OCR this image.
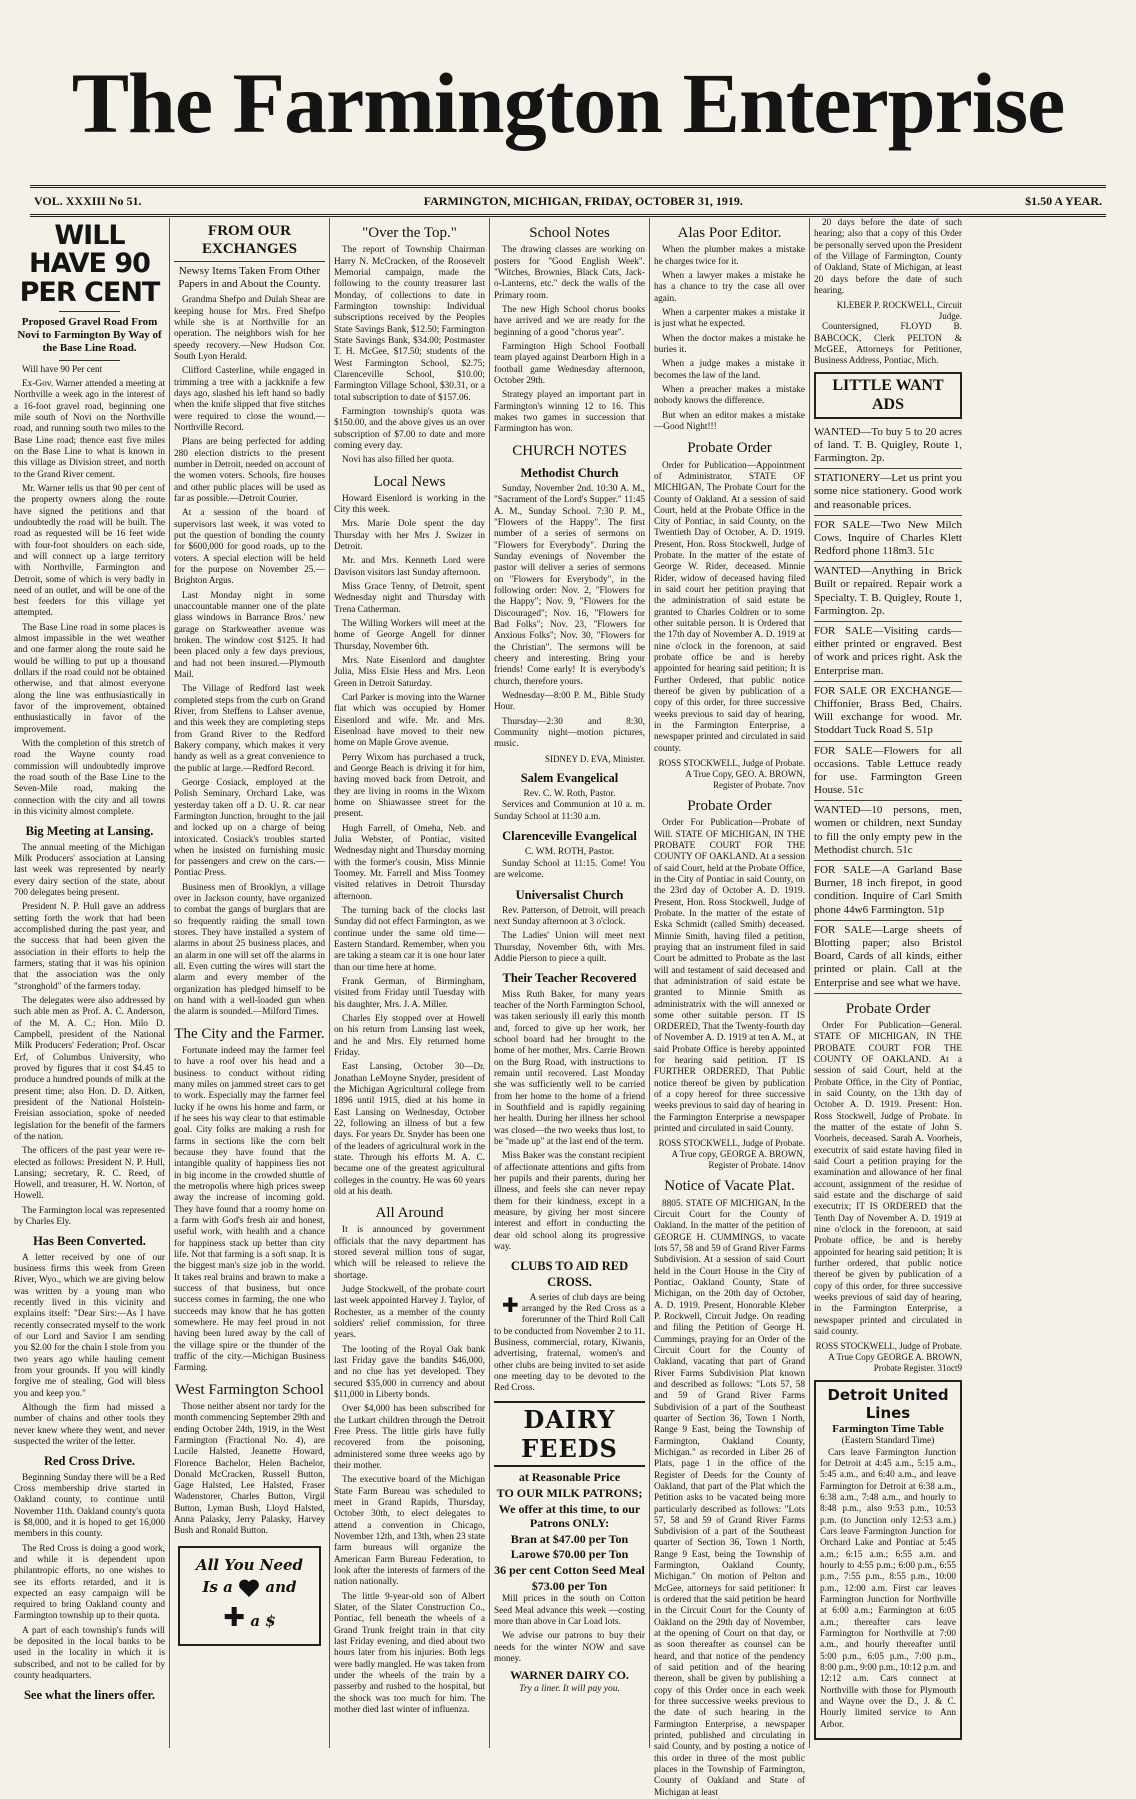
The Farmington Enterprise
VOL. XXXIII No 51.	FARMINGTON, MICHIGAN, FRIDAY, OCTOBER 31, 1919.	$1.50 A YEAR.
WILL HAVE 90 PER CENT
Proposed Gravel Road From Novi to Farmington By Way of the Base Line Road.

Will have 90 Per cent

Ex-Gov. Warner attended a meeting at Northville a week ago in the interest of a 16-foot gravel road, beginning one mile south of Novi on the Northville road, and running south two miles to the Base Line road; thence east five miles on the Base Line to what is known in this village as Division street, and north to the Grand River cement.

Mr. Warner tells us that 90 per cent of the property owners along the route have signed the petitions and that undoubtedly the road will be built. The road as requested will be 16 feet wide with four-foot shoulders on each side, and will connect up a large territory with Northville, Farmington and Detroit, some of which is very badly in need of an outlet, and will be one of the best feeders for this village yet attempted.

The Base Line road in some places is almost impassible in the wet weather and one farmer along the route said he would be willing to put up a thousand dollars if the road could not be obtained otherwise, and that almost everyone along the line was enthusiastically in favor of the improvement, obtained enthusiastically in favor of the improvement.

With the completion of this stretch of road the Wayne county road commission will undoubtedly improve the road south of the Base Line to the Seven-Mile road, making the connection with the city and all towns in this vicinity almost complete.

Big Meeting at Lansing.

The annual meeting of the Michigan Milk Producers' association at Lansing last week was represented by nearly every dairy section of the state, about 700 delegates being present.

President N. P. Hull gave an address setting forth the work that had been accomplished during the past year, and the success that had been given the association in their efforts to help the farmers, stating that it was his opinion that the association was the only "stronghold" of the farmers today.

The delegates were also addressed by such able men as Prof. A. C. Anderson, of the M. A. C.; Hon. Milo D. Campbell, president of the National Milk Producers' Federation; Prof. Oscar Erf, of Columbus University, who proved by figures that it cost $4.45 to produce a hundred pounds of milk at the present time; also Hon. D. D. Aitken, president of the National Holstein-Freisian association, spoke of needed legislation for the benefit of the farmers of the nation.

The officers of the past year were re-elected as follows: President N. P. Hull, Lansing; secretary, R. C. Reed, of Howell, and treasurer, H. W. Norton, of Howell.

The Farmington local was represented by Charles Ely.

Has Been Converted.

A letter received by one of our business firms this week from Green River, Wyo., which we are giving below was written by a young man who recently lived in this vicinity and explains itself: "Dear Sirs:—As I have recently consecrated myself to the work of our Lord and Savior I am sending you $2.00 for the chain I stole from you two years ago while hauling cement from your grounds. If you will kindly forgive me of stealing, God will bless you and keep you."

Although the firm had missed a number of chains and other tools they never knew where they went, and never suspected the writer of the letter.

Red Cross Drive.

Beginning Sunday there will be a Red Cross membership drive started in Oakland county, to continue until November 11th. Oakland county's quota is $8,000, and it is hoped to get 16,000 members in this county.

The Red Cross is doing a good work, and while it is dependent upon philantropic efforts, no one wishes to see its efforts retarded, and it is expected an easy campaign will be required to bring Oakland county and Farmington township up to their quota.

A part of each township's funds will be deposited in the local banks to be used in the locality in which it is subscribed, and not to be called for by county headquarters.

See what the liners offer.
FROM OUR EXCHANGES
Newsy Items Taken From Other Papers in and About the County.

Grandma Shefpo and Dulah Shear are keeping house for Mrs. Fred Shefpo while she is at Northville for an operation. The neighbors wish for her speedy recovery.—New Hudson Cor. South Lyon Herald.

Clifford Casterline, while engaged in trimming a tree with a jackknife a few days ago, slashed his left hand so badly when the knife slipped that five stitches were required to close the wound.—Northville Record.

Plans are being perfected for adding 280 election districts to the present number in Detroit, needed on account of the women voters. Schools, fire houses and other public places will be used as far as possible.—Detroit Courier.

At a session of the board of supervisors last week, it was voted to put the question of bonding the county for $600,000 for good roads, up to the voters. A special election will be held for the purpose on November 25.—Brighton Argus.

Last Monday night in some unaccountable manner one of the plate glass windows in Barrance Bros.' new garage on Starkweather avenue was broken. The window cost $125. It had been placed only a few days previous, and had not been insured.—Plymouth Mail.

The Village of Redford last week completed steps from the curb on Grand River, from Steffens to Lahser avenue, and this week they are completing steps from Grand River to the Redford Bakery company, which makes it very handy as well as a great convenience to the public at large.—Redford Record.

George Cosiack, employed at the Polish Seminary, Orchard Lake, was yesterday taken off a D. U. R. car near Farmington Junction, brought to the jail and locked up on a charge of being intoxicated. Cosiack's troubles started when he insisted on furnishing music for passengers and crew on the cars.—Pontiac Press.

Business men of Brooklyn, a village over in Jackson county, have organized to combat the gangs of burglars that are so frequently raiding the small town stores. They have installed a system of alarms in about 25 business places, and an alarm in one will set off the alarms in all. Even cutting the wires will start the alarm and every member of the organization has pledged himself to be on hand with a well-loaded gun when the alarm is sounded.—Milford Times.

The City and the Farmer.

Fortunate indeed may the farmer feel to have a roof over his head and a business to conduct without riding many miles on jammed street cars to get to work. Especially may the farmer feel lucky if he owns his home and farm, or if he sees his way clear to that estimable goal. City folks are making a rush for farms in sections like the corn belt because they have found that the intangible quality of happiness lies not in big income in the crowded shuttle of the metropolis where high prices sweep away the increase of incoming gold. They have found that a roomy home on a farm with God's fresh air and honest, useful work, with health and a chance for happiness stack up better than city life. Not that farming is a soft snap. It is the biggest man's size job in the world. It takes real brains and brawn to make a success of that business, but once success comes in farming, the one who succeeds may know that he has gotten somewhere. He may feel proud in not having been lured away by the call of the village spire or the thunder of the traffic of the city.—Michigan Business Farming.

West Farmington School

Those neither absent nor tardy for the month commencing September 29th and ending October 24th, 1919, in the West Farmington (Fractional No. 4), are Lucile Halsted, Jeanette Howard, Florence Bachelor, Helen Bachelor, Donald McCracken, Russell Button, Gage Halsted, Lee Halsted, Fraser Wadenstorer, Charles Button, Virgil Button, Lyman Bush, Lloyd Halsted, Anna Palasky, Jerry Palasky, Harvey Bush and Ronald Button.

All You Need
Is a and
✚ a $
"Over the Top."

The report of Township Chairman Harry N. McCracken, of the Roosevelt Memorial campaign, made the following to the county treasurer last Monday, of collections to date in Farmington township: Individual subscriptions received by the Peoples State Savings Bank, $12.50; Farmington State Savings Bank, $34.00; Postmaster T. H. McGee, $17.50; students of the West Farmington School, $2.75; Clarenceville School, $10.00; Farmington Village School, $30.31, or a total subscription to date of $157.06.

Farmington township's quota was $150.00, and the above gives us an over subscription of $7.00 to date and more coming every day.

Novi has also filled her quota.

Local News

Howard Eisenlord is working in the City this week.

Mrs. Marie Dole spent the day Thursday with her Mrs J. Swizer in Detroit.

Mr. and Mrs. Kenneth Lord were Davison visitors last Sunday afternoon.

Miss Grace Tenny, of Detroit, spent Wednesday night and Thursday with Trena Catherman.

The Willing Workers will meet at the home of George Angell for dinner Thursday, November 6th.

Mrs. Nate Eisenlord and daughter Julia, Miss Elsie Hess and Mrs. Leon Green in Detroit Saturday.

Carl Parker is moving into the Warner flat which was occupied by Homer Eisenlord and wife. Mr. and Mrs. Eisenload have moved to their new home on Maple Grove avenue.

Perry Wixom has purchased a truck, and George Beach is driving it for him, having moved back from Detroit, and they are living in rooms in the Wixom home on Shiawassee street for the present.

Hugh Farrell, of Omeha, Neb. and Julia Webster, of Pontiac, visited Wednesday night and Thursday morning with the former's cousin, Miss Minnie Toomey. Mr. Farrell and Miss Toomey visited relatives in Detroit Thursday afternoon.

The turning back of the clocks last Sunday did not effect Farmington, as we continue under the same old time—Eastern Standard. Remember, when you are taking a steam car it is one hour later than our time here at home.

Frank German, of Birmingham, visited from Friday until Tuesday with his daughter, Mrs. J. A. Miller.

Charles Ely stopped over at Howell on his return from Lansing last week, and he and Mrs. Ely returned home Friday.

East Lansing, October 30—Dr. Jonathan LeMoyne Snyder, president of the Michigan Agricultural college from 1896 until 1915, died at his home in East Lansing on Wednesday, October 22, following an illness of but a few days. For years Dr. Snyder has been one of the leaders of agricultural work in the state. Through his efforts M. A. C. became one of the greatest agricultural colleges in the country. He was 60 years old at his death.

All Around

It is announced by government officials that the navy department has stored several million tons of sugar, which will be released to relieve the shortage.

Judge Stockwell, of the probate court last week appointed Harvey J. Taylor, of Rochester, as a member of the county soldiers' relief commission, for three years.

The looting of the Royal Oak bank last Friday gave the bandits $46,000, and no clue has yet developed. They secured $35,000 in currency and about $11,000 in Liberty bonds.

Over $4,000 has been subscribed for the Lutkart children through the Detroit Free Press. The little girls have fully recovered from the poisoning, administered some three weeks ago by their mother.

The executive board of the Michigan State Farm Bureau was scheduled to meet in Grand Rapids, Thursday, October 30th, to elect delegates to attend a convention in Chicago, November 12th, and 13th, when 23 state farm bureaus will organize the American Farm Bureau Federation, to look after the interests of farmers of the nation nationally.

The little 9-year-old son of Albert Slater, of the Slater Construction Co., Pontiac, fell beneath the wheels of a Grand Trunk freight train in that city last Friday evening, and died about two hours later from his injuries. Both legs were badly mangled. He was taken from under the wheels of the train by a passerby and rushed to the hospital, but the shock was too much for him. The mother died last winter of influenza.

School Notes

The drawing classes are working on posters for "Good English Week". "Witches, Brownies, Black Cats, Jack-o-Lanterns, etc." deck the walls of the Primary room.

The new High School chorus books have arrived and we are ready for the beginning of a good "chorus year".

Farmington High School Football team played against Dearborn High in a football game Wednesday afternoon, October 29th.

Strategy played an important part in Farmington's winning 12 to 16. This makes two games in succession that Farmington has won.

CHURCH NOTES
Methodist Church

Sunday, November 2nd. 10:30 A. M., "Sacrament of the Lord's Supper." 11:45 A. M., Sunday School. 7:30 P. M., "Flowers of the Happy". The first number of a series of sermons on "Flowers for Everybody". During the Sunday evenings of November the pastor will deliver a series of sermons on "Flowers for Everybody", in the following order: Nov. 2, "Flowers for the Happy"; Nov. 9, "Flowers for the Discouraged"; Nov. 16, "Flowers for Bad Folks"; Nov. 23, "Flowers for Anxious Folks"; Nov. 30, "Flowers for the Christian". The sermons will be cheery and interesting. Bring your friends! Come early! It is everybody's church, therefore yours.

Wednesday—8:00 P. M., Bible Study Hour.

Thursday—2:30 and 8:30, Community night—motion pictures, music.

SIDNEY D. EVA, Minister.
Salem Evangelical
Rev. C. W. Roth, Pastor.

Services and Communion at 10 a. m. Sunday School at 11:30 a.m.

Clarenceville Evangelical
C. WM. ROTH, Pastor.

Sunday School at 11:15. Come! You are welcome.

Universalist Church

Rev. Patterson, of Detroit, will preach next Sunday afternoon at 3 o'clock.

The Ladies' Union will meet next Thursday, November 6th, with Mrs. Addie Pierson to piece a quilt.

Their Teacher Recovered

Miss Ruth Baker, for many years teacher of the North Farmington School, was taken seriously ill early this month and, forced to give up her work, her school board had her brought to the home of her mother, Mrs. Carrie Brown on the Burg Road, with instructions to remain until recovered. Last Monday she was sufficiently well to be carried from her home to the home of a friend in Southfield and is rapidly regaining her health. During her illness her school was closed—the two weeks thus lost, to be "made up" at the last end of the term.

Miss Baker was the constant recipient of affectionate attentions and gifts from her pupils and their parents, during her illness, and feels she can never repay them for their kindness, except in a measure, by giving her most sincere interest and effort in conducting the dear old school along its progressive way.

CLUBS TO AID RED CROSS.

✚ A series of club days are being arranged by the Red Cross as a forerunner of the Third Roll Call to be conducted from November 2 to 11. Business, commercial, rotary, Kiwanis, advertising, fraternal, women's and other clubs are being invited to set aside one meeting day to be devoted to the Red Cross.

DAIRY FEEDS
at Reasonable Price
TO OUR MILK PATRONS;
We offer at this time, to our Patrons ONLY:
Bran at $47.00 per Ton
Larowe $70.00 per Ton
36 per cent Cotton Seed Meal
$73.00 per Ton

Mill prices in the south on Cotton Seed Meal advance this week —costing more than above in Car Load lots.

We advise our patrons to buy their needs for the winter NOW and save money.

WARNER DAIRY CO.
Try a liner. It will pay you.
Alas Poor Editor.

When the plumber makes a mistake he charges twice for it.

When a lawyer makes a mistake he has a chance to try the case all over again.

When a carpenter makes a mistake it is just what he expected.

When the doctor makes a mistake he buries it.

When a judge makes a mistake it becomes the law of the land.

When a preacher makes a mistake nobody knows the difference.

But when an editor makes a mistake—Good Night!!!

Probate Order

Order for Publication—Appointment of Administrator. STATE OF MICHIGAN, The Probate Court for the County of Oakland. At a session of said Court, held at the Probate Office in the City of Pontiac, in said County, on the Twentieth Day of October, A. D. 1919. Present, Hon. Ross Stockwell, Judge of Probate. In the matter of the estate of George W. Rider, deceased. Minnie Rider, widow of deceased having filed in said court her petition praying that the administration of said estate be granted to Charles Coldren or to some other suitable person. It is Ordered that the 17th day of November A. D. 1919 at nine o'clock in the forenoon, at said probate office be and is hereby appointed for hearing said petition; It is Further Ordered, that public notice thereof be given by publication of a copy of this order, for three successive weeks previous to said day of hearing, in the Farmington Enterprise, a newspaper printed and circulated in said county.

ROSS STOCKWELL, Judge of Probate.
A True Copy, GEO. A. BROWN, Register of Probate. 7nov
Probate Order

Order For Publication—Probate of Will. STATE OF MICHIGAN, IN THE PROBATE COURT FOR THE COUNTY OF OAKLAND. At a session of said Court, held at the Probate Office, in the City of Pontiac in said County, on the 23rd day of October A. D. 1919. Present, Hon. Ross Stockwell, Judge of Probate. In the matter of the estate of Eska Schmidt (called Smith) deceased. Minnie Smith, having filed a petition, praying that an instrument filed in said Court be admitted to Probate as the last will and testament of said deceased and that administration of said estate be granted to Minnie Smith as administratrix with the will annexed or some other suitable person. IT IS ORDERED, That the Twenty-fourth day of November A. D. 1919 at ten A. M., at said Probate Office is hereby appointed for hearing said petition. IT IS FURTHER ORDERED, That Public notice thereof be given by publication of a copy hereof for three successive weeks previous to said day of hearing in the Farmington Enterprise a newspaper printed and circulated in said County.

ROSS STOCKWELL, Judge of Probate.
A True copy, GEORGE A. BROWN, Register of Probate. 14nov
Notice of Vacate Plat.

8805. STATE OF MICHIGAN, In the Circuit Court for the County of Oakland. In the matter of the petition of GEORGE H. CUMMINGS, to vacate lots 57, 58 and 59 of Grand River Farms Subdivision. At a session of said Court held in the Court House in the City of Pontiac, Oakland County, State of Michigan, on the 20th day of October, A. D. 1919. Present, Honorable Kleber P. Rockwell, Circuit Judge. On reading and filing the Petition of George H. Cummings, praying for an Order of the Circuit Court for the County of Oakland, vacating that part of Grand River Farms Subdivision Plat known and described as follows: "Lots 57, 58 and 59 of Grand River Farms Subdivision of a part of the Southeast quarter of Section 36, Town 1 North, Range 9 East, being the Township of Farmington, Oakland County, Michigan." as recorded in Liber 26 of Plats, page 1 in the office of the Register of Deeds for the County of Oakland, that part of the Plat which the Petition asks to be vacated being more particularly described as follows: "Lots 57, 58 and 59 of Grand River Farms Subdivision of a part of the Southeast quarter of Section 36, Town 1 North, Range 9 East, being the Township of Farmington, Oakland County, Michigan." On motion of Pelton and McGee, attorneys for said petitioner: It is ordered that the said petition be heard in the Circuit Court for the County of Oakland on the 29th day of November, at the opening of Court on that day, or as soon thereafter as counsel can be heard, and that notice of the pendency of said petition and of the hearing thereon, shall be given by publishing a copy of this Order once in each week for three successive weeks previous to the date of such hearing in the Farmington Enterprise, a newspaper printed, published and circulating in said County, and by posting a notice of this order in three of the most public places in the Township of Farmington, County of Oakland and State of Michigan at least

20 days before the date of such hearing; also that a copy of this Order be personally served upon the President of the Village of Farmington, County of Oakland, State of Michigan, at least 20 days before the date of such hearing.

KLEBER P. ROCKWELL, Circuit Judge.

Countersigned, FLOYD B. BABCOCK, Clerk PELTON & McGEE, Attorneys for Petitioner, Business Address, Pontiac, Mich.

LITTLE WANT ADS
WANTED—To buy 5 to 20 acres of land. T. B. Quigley, Route 1, Farmington. 2p.
STATIONERY—Let us print you some nice stationery. Good work and reasonable prices.
FOR SALE—Two New Milch Cows. Inquire of Charles Klett Redford phone 118m3. 51c
WANTED—Anything in Brick Built or repaired. Repair work a Specialty. T. B. Quigley, Route 1, Farmington. 2p.
FOR SALE—Visiting cards—either printed or engraved. Best of work and prices right. Ask the Enterprise man.
FOR SALE OR EXCHANGE—Chiffonier, Brass Bed, Chairs. Will exchange for wood. Mr. Stoddart Tuck Road S. 51p
FOR SALE—Flowers for all occasions. Table Lettuce ready for use. Farmington Green House. 51c
WANTED—10 persons, men, women or children, next Sunday to fill the only empty pew in the Methodist church. 51c
FOR SALE—A Garland Base Burner, 18 inch firepot, in good condition. Inquire of Carl Smith phone 44w6 Farmington. 51p
FOR SALE—Large sheets of Blotting paper; also Bristol Board, Cards of all kinds, either printed or plain. Call at the Enterprise and see what we have.
Probate Order

Order For Publication—General. STATE OF MICHIGAN, IN THE PROBATE COURT FOR THE COUNTY OF OAKLAND. At a session of said Court, held at the Probate Office, in the City of Pontiac, in said County, on the 13th day of October A. D. 1919. Present: Hon. Ross Stockwell, Judge of Probate. In the matter of the estate of John S. Voorheis, deceased. Sarah A. Voorheis, executrix of said estate having filed in said Court a petition praying for the examination and allowance of her final account, assignment of the residue of said estate and the discharge of said executrix; IT IS ORDERED that the Tenth Day of November A. D. 1919 at nine o'clock in the forenoon, at said Probate office, be and is hereby appointed for hearing said petition; It is further ordered, that public notice thereof be given by publication of a copy of this order, for three successive weeks previous of said day of hearing, in the Farmington Enterprise, a newspaper printed and circulated in said county.

ROSS STOCKWELL, Judge of Probate.
A True Copy GEORGE A. BROWN, Probate Register. 31oct9
Detroit United Lines
Farmington Time Table
(Eastern Standard Time)

Cars leave Farmington Junction for Detroit at 4:45 a.m., 5:15 a.m., 5:45 a.m., and 6:40 a.m., and leave Farmington for Detroit at 6:38 a.m., 6:38 a.m., 7:48 a.m., and hourly to 8:48 p.m., also 9:53 p.m., 10:53 p.m. (to Junction only 12:53 a.m.) Cars leave Farmington Junction for Orchard Lake and Pontiac at 5:45 a.m.; 6:15 a.m.; 6:55 a.m. and hourly to 4:55 p.m.; 6:00 p.m., 6:55 p.m., 7:55 p.m., 8:55 p.m., 10:00 p.m., 12:00 a.m. First car leaves Farmington Junction for Northville at 6:00 a.m.; Farmington at 6:05 a.m.; thereafter cars leave Farmington for Northville at 7:00 a.m., and hourly thereafter until 5:00 p.m., 6:05 p.m., 7:00 p.m., 8:00 p.m., 9:00 p.m., 10:12 p.m. and 12:12 a.m. Cars connect at Northville with those for Plymouth and Wayne over the D., J. & C. Hourly limited service to Ann Arbor.
